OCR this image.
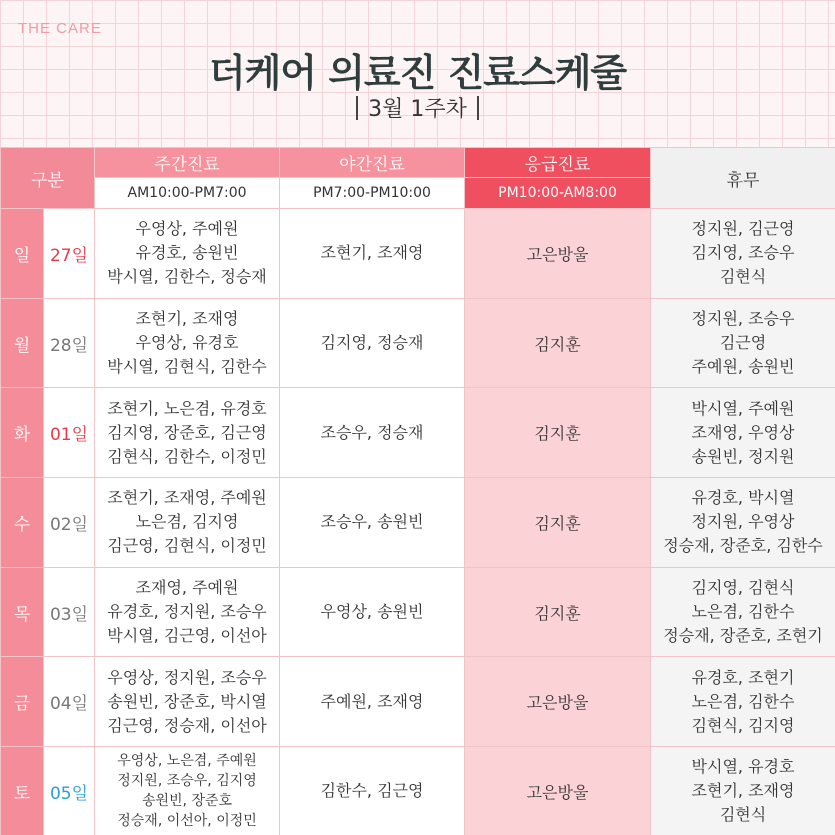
THE CARE
더케어 의료진 진료스케줄
3월 1주차
구분		주간진료	야간진료	응급진료	휴무
		AM10:00-PM7:00	PM7:00-PM10:00	PM10:00-AM8:00	
일	27일	우영상, 주예원
유경호, 송원빈
박시열, 김한수, 정승재	조현기, 조재영	고은방울	정지원, 김근영
김지영, 조승우
김현식

월	28일	조현기, 조재영
우영상, 유경호
박시열, 김현식, 김한수	김지영, 정승재	김지훈	정지원, 조승우
김근영
주예원, 송원빈

화	01일	조현기, 노은겸, 유경호
김지영, 장준호, 김근영
김현식, 김한수, 이정민	조승우, 정승재	김지훈	박시열, 주예원
조재영, 우영상
송원빈, 정지원

수	02일	조현기, 조재영, 주예원
노은겸, 김지영
김근영, 김현식, 이정민	조승우, 송원빈	김지훈	유경호, 박시열
정지원, 우영상
정승재, 장준호, 김한수

목	03일	조재영, 주예원
유경호, 정지원, 조승우
박시열, 김근영, 이선아	우영상, 송원빈	김지훈	김지영, 김현식
노은겸, 김한수
정승재, 장준호, 조현기

금	04일	우영상, 정지원, 조승우
송원빈, 장준호, 박시열
김근영, 정승재, 이선아	주예원, 조재영	고은방울	유경호, 조현기
노은겸, 김한수
김현식, 김지영

토	05일	우영상, 노은겸, 주예원
정지원, 조승우, 김지영
송원빈, 장준호
정승재, 이선아, 이정민	김한수, 김근영	고은방울	박시열, 유경호
조현기, 조재영
김현식
